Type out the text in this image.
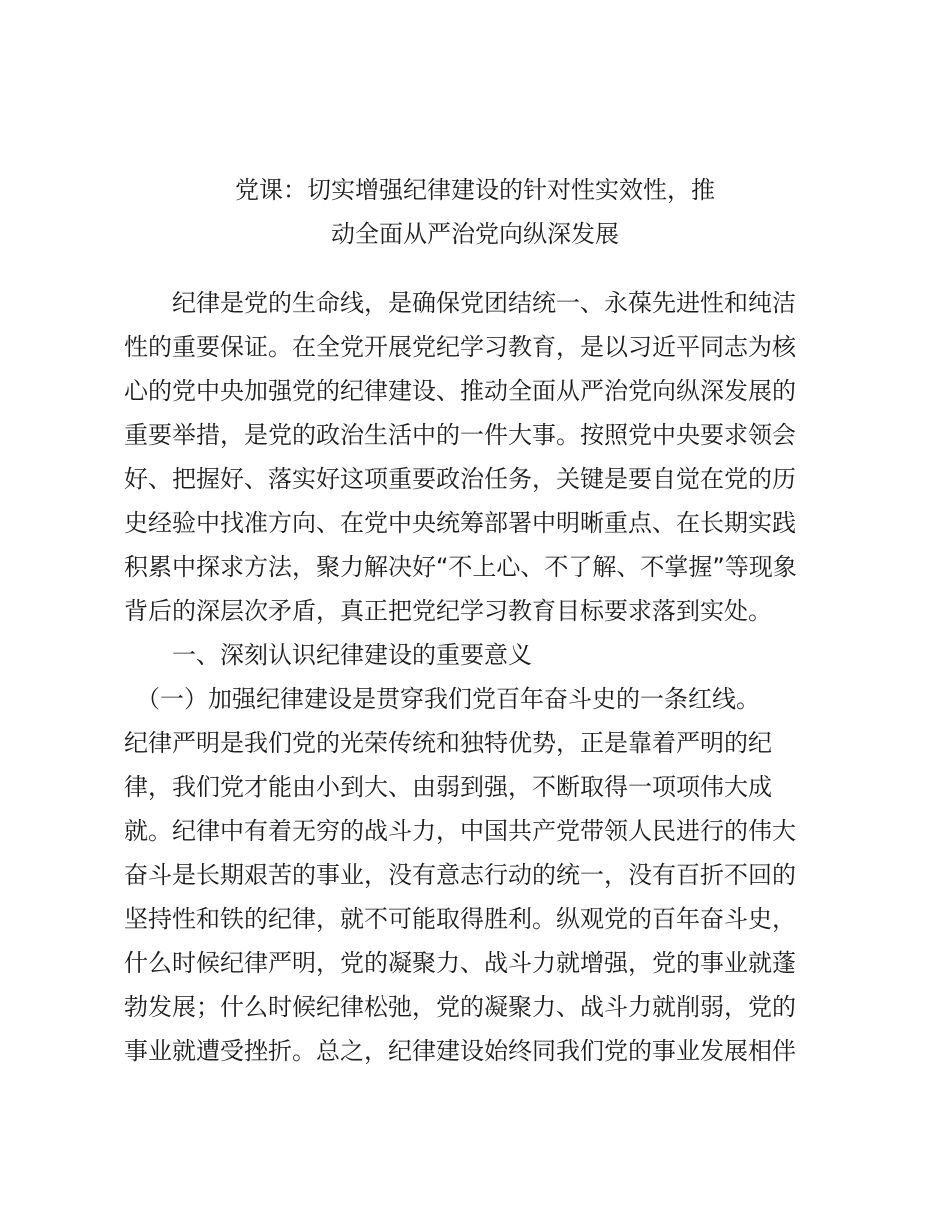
党课：切实增强纪律建设的针对性实效性，推
动全面从严治党向纵深发展
　　纪律是党的生命线，是确保党团结统一、永葆先进性和纯洁
性的重要保证。在全党开展党纪学习教育，是以习近平同志为核
心的党中央加强党的纪律建设、推动全面从严治党向纵深发展的
重要举措，是党的政治生活中的一件大事。按照党中央要求领会
好、把握好、落实好这项重要政治任务，关键是要自觉在党的历
史经验中找准方向、在党中央统筹部署中明晰重点、在长期实践
积累中探求方法，聚力解决好“不上心、不了解、不掌握”等现象
背后的深层次矛盾，真正把党纪学习教育目标要求落到实处。
　　一、深刻认识纪律建设的重要意义
　（一）加强纪律建设是贯穿我们党百年奋斗史的一条红线。
纪律严明是我们党的光荣传统和独特优势，正是靠着严明的纪
律，我们党才能由小到大、由弱到强，不断取得一项项伟大成
就。纪律中有着无穷的战斗力，中国共产党带领人民进行的伟大
奋斗是长期艰苦的事业，没有意志行动的统一，没有百折不回的
坚持性和铁的纪律，就不可能取得胜利。纵观党的百年奋斗史，
什么时候纪律严明，党的凝聚力、战斗力就增强，党的事业就蓬
勃发展；什么时候纪律松弛，党的凝聚力、战斗力就削弱，党的
事业就遭受挫折。总之，纪律建设始终同我们党的事业发展相伴
